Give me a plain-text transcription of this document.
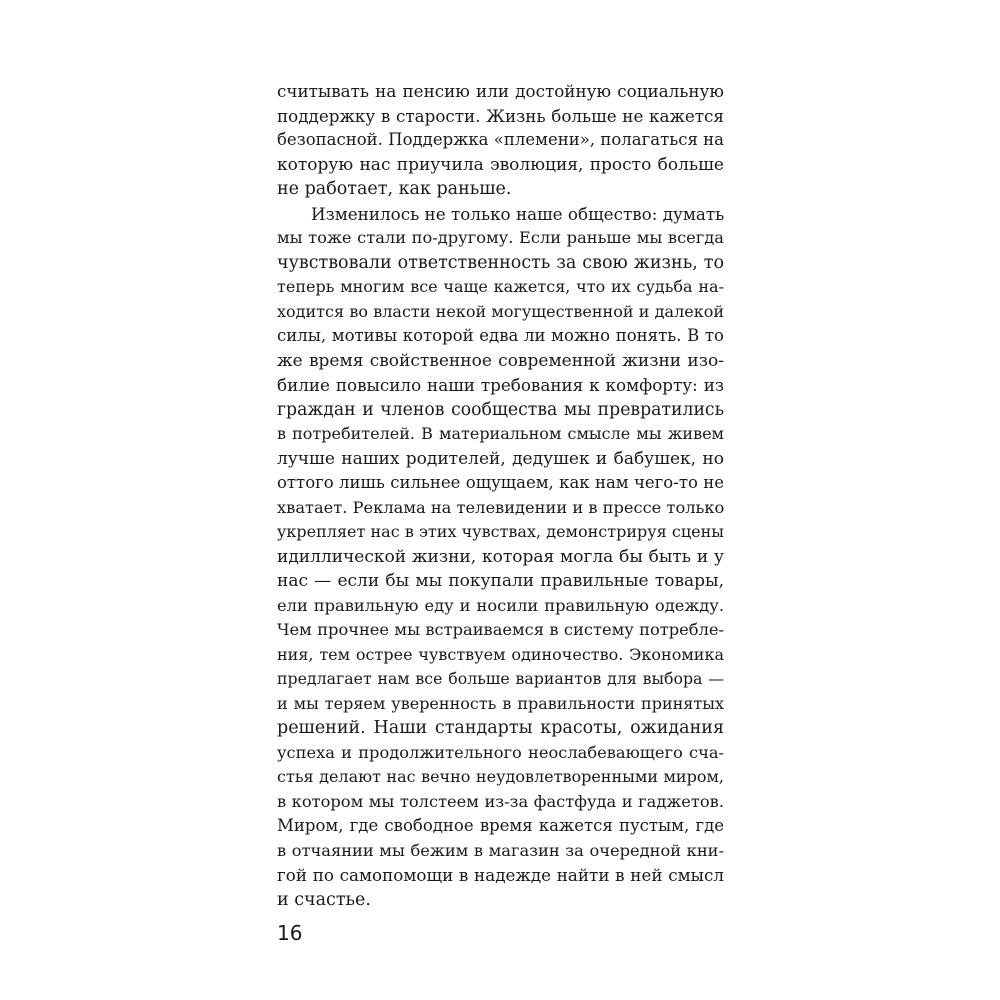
считывать на пенсию или достойную социальную
поддержку в старости. Жизнь больше не кажется
безопасной. Поддержка «племени», полагаться на
которую нас приучила эволюция, просто больше
не работает, как раньше.
Изменилось не только наше общество: думать
мы тоже стали по-другому. Если раньше мы всегда
чувствовали ответственность за свою жизнь, то
теперь многим все чаще кажется, что их судьба на-
ходится во власти некой могущественной и далекой
силы, мотивы которой едва ли можно понять. В то
же время свойственное современной жизни изо-
билие повысило наши требования к комфорту: из
граждан и членов сообщества мы превратились
в потребителей. В материальном смысле мы живем
лучше наших родителей, дедушек и бабушек, но
оттого лишь сильнее ощущаем, как нам чего-то не
хватает. Реклама на телевидении и в прессе только
укрепляет нас в этих чувствах, демонстрируя сцены
идиллической жизни, которая могла бы быть и у
нас — если бы мы покупали правильные товары,
ели правильную еду и носили правильную одежду.
Чем прочнее мы встраиваемся в систему потребле-
ния, тем острее чувствуем одиночество. Экономика
предлагает нам все больше вариантов для выбора —
и мы теряем уверенность в правильности принятых
решений. Наши стандарты красоты, ожидания
успеха и продолжительного неослабевающего сча-
стья делают нас вечно неудовлетворенными миром,
в котором мы толстеем из-за фастфуда и гаджетов.
Миром, где свободное время кажется пустым, где
в отчаянии мы бежим в магазин за очередной кни-
гой по самопомощи в надежде найти в ней смысл
и счастье.
16
